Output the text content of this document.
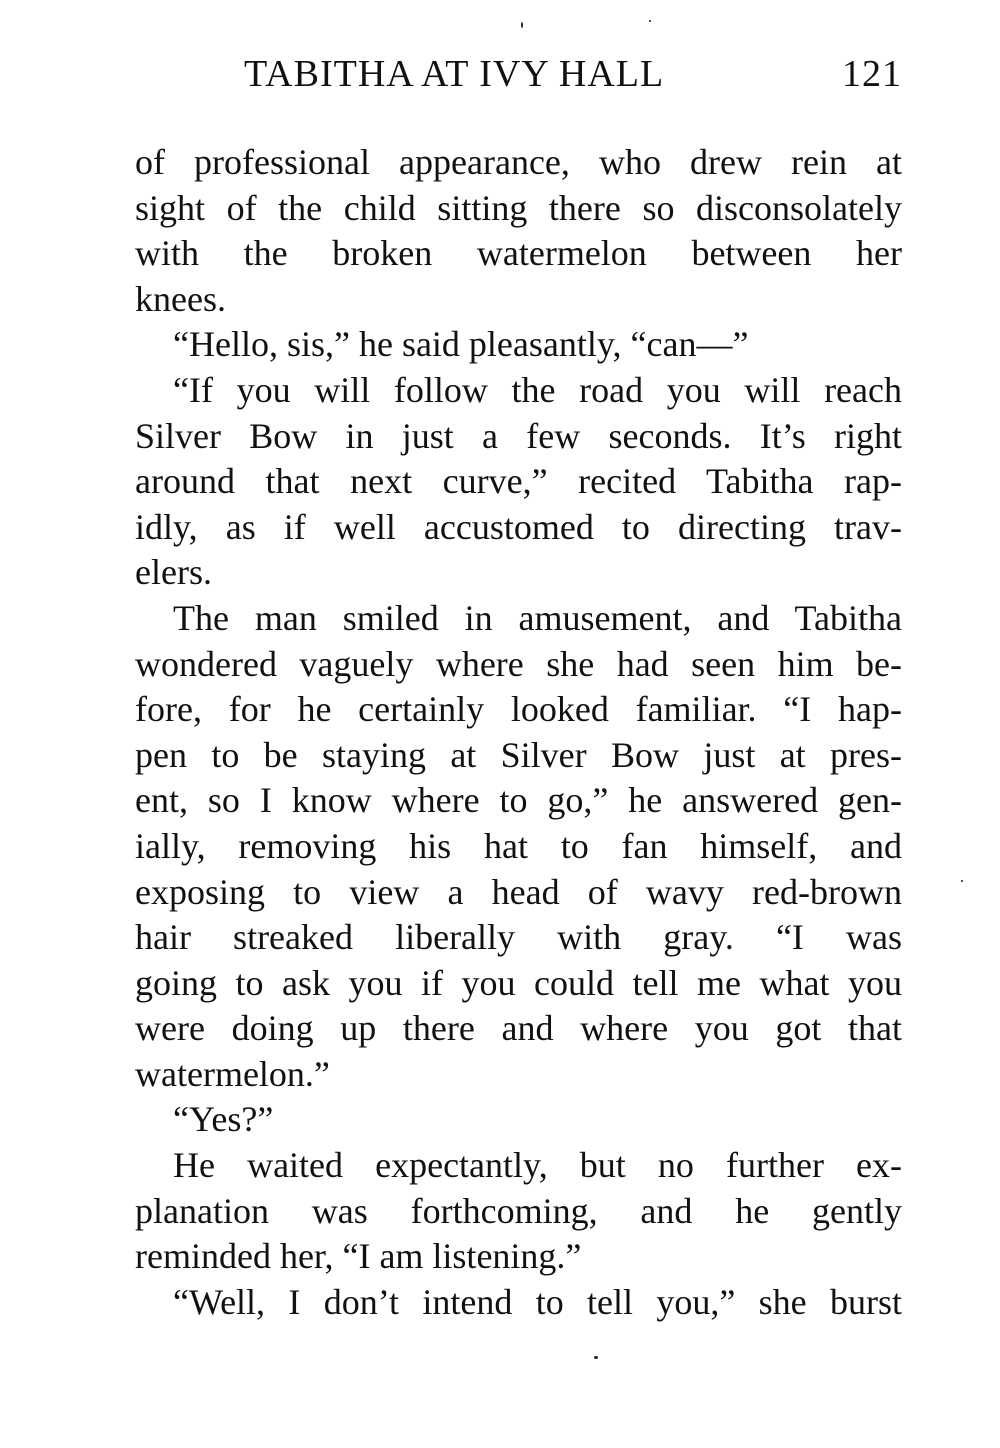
TABITHA AT IVY HALL	121
of professional appearance, who drew rein at
sight of the child sitting there so disconsolately
with the broken watermelon between her
knees.
“Hello, sis,” he said pleasantly, “can—”
“If you will follow the road you will reach
Silver Bow in just a few seconds. It’s right
around that next curve,” recited Tabitha rap-
idly, as if well accustomed to directing trav-
elers.
The man smiled in amusement, and Tabitha
wondered vaguely where she had seen him be-
fore, for he certainly looked familiar. “I hap-
pen to be staying at Silver Bow just at pres-
ent, so I know where to go,” he answered gen-
ially, removing his hat to fan himself, and
exposing to view a head of wavy red-brown
hair streaked liberally with gray. “I was
going to ask you if you could tell me what you
were doing up there and where you got that
watermelon.”
“Yes?”
He waited expectantly, but no further ex-
planation was forthcoming, and he gently
reminded her, “I am listening.”
“Well, I don’t intend to tell you,” she burst
